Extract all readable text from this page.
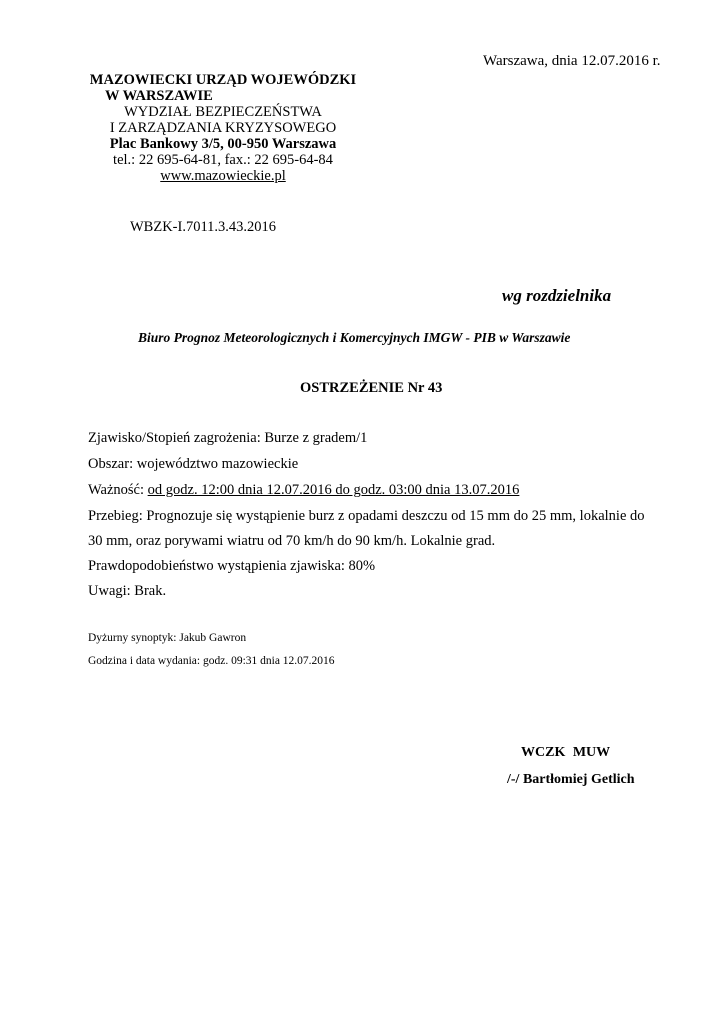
Warszawa, dnia 12.07.2016 r.
MAZOWIECKI URZĄD WOJEWÓDZKI
W WARSZAWIE
WYDZIAŁ BEZPIECZEŃSTWA
I ZARZĄDZANIA KRYZYSOWEGO
Plac Bankowy 3/5, 00-950 Warszawa
tel.: 22 695-64-81, fax.: 22 695-64-84
www.mazowieckie.pl
WBZK-I.7011.3.43.2016
wg rozdzielnika
Biuro Prognoz Meteorologicznych i Komercyjnych IMGW - PIB w Warszawie
OSTRZEŻENIE Nr 43
Zjawisko/Stopień zagrożenia: Burze z gradem/1
Obszar: województwo mazowieckie
Ważność: od godz. 12:00 dnia 12.07.2016 do godz. 03:00 dnia 13.07.2016
Przebieg: Prognozuje się wystąpienie burz z opadami deszczu od 15 mm do 25 mm, lokalnie do
30 mm, oraz porywami wiatru od 70 km/h do 90 km/h. Lokalnie grad.
Prawdopodobieństwo wystąpienia zjawiska: 80%
Uwagi: Brak.
Dyżurny synoptyk: Jakub Gawron
Godzina i data wydania: godz. 09:31 dnia 12.07.2016
WCZK MUW
/-/ Bartłomiej Getlich
